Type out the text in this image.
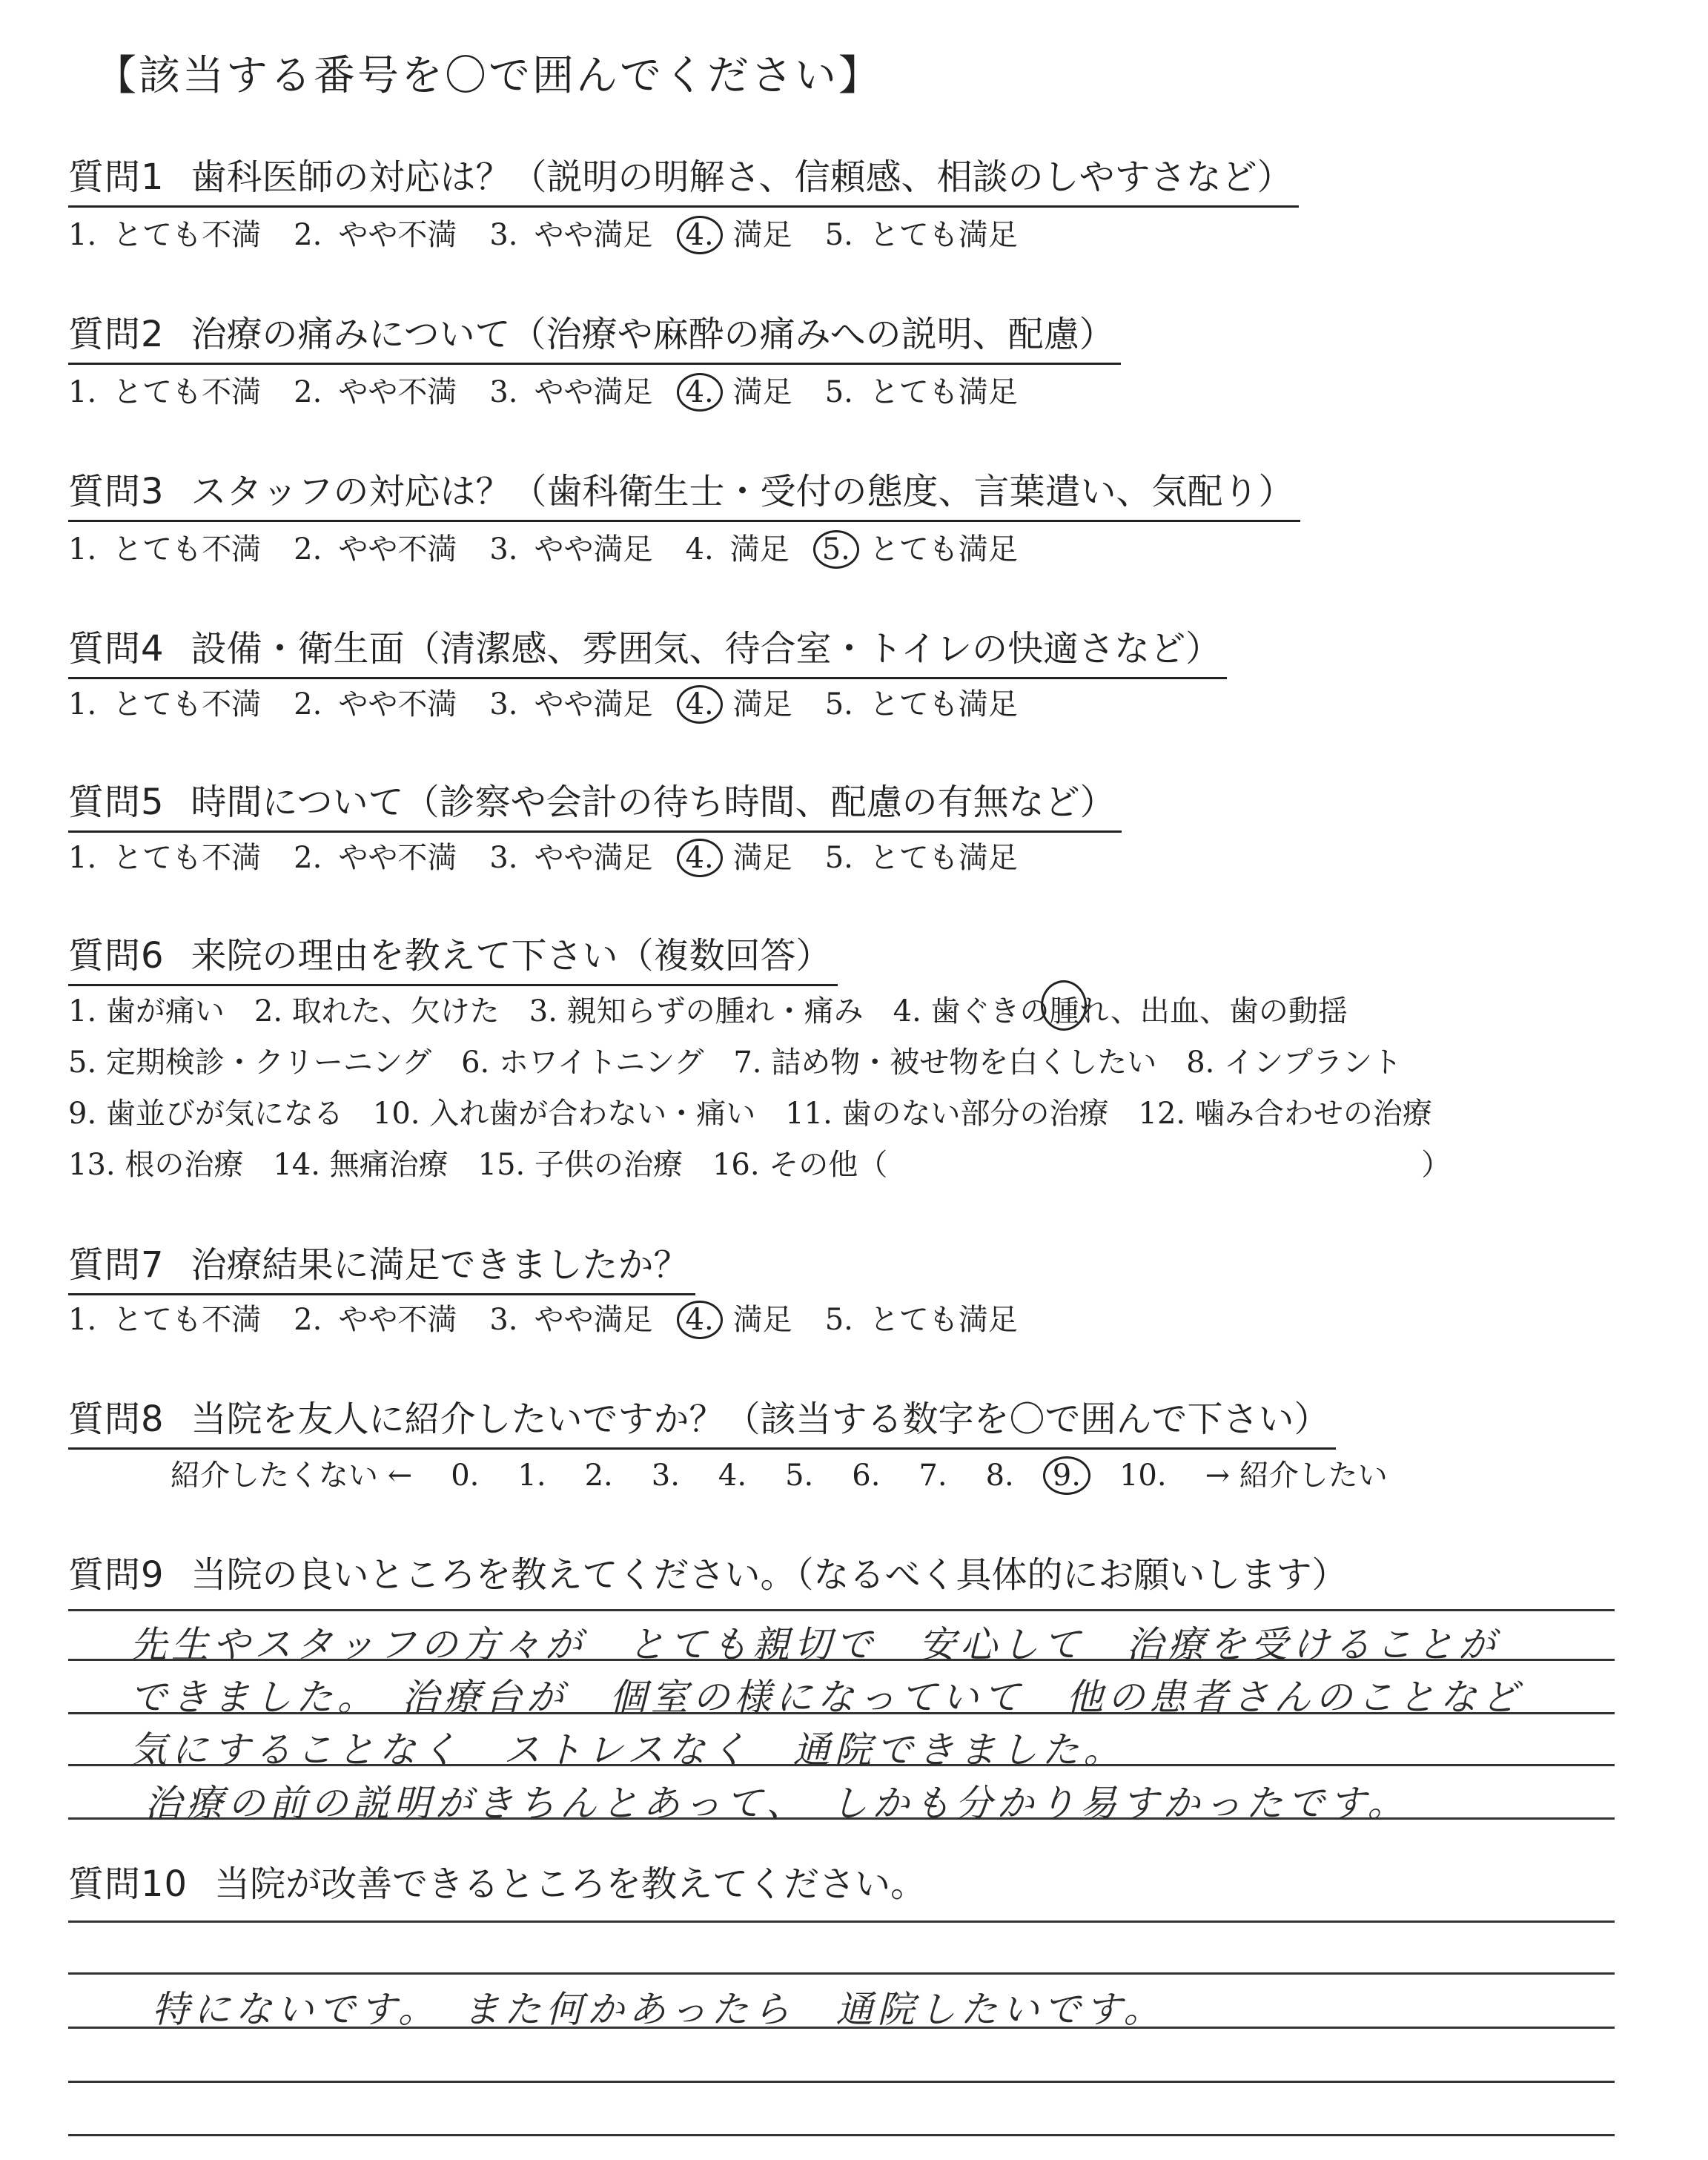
【該当する番号を〇で囲んでください】
質問1 歯科医師の対応は？（説明の明解さ、信頼感、相談のしやすさなど）
1. とても不満 2. やや不満 3. やや満足 4. 満足 5. とても満足
質問2 治療の痛みについて（治療や麻酔の痛みへの説明、配慮）
1. とても不満 2. やや不満 3. やや満足 4. 満足 5. とても満足
質問3 スタッフの対応は？（歯科衛生士・受付の態度、言葉遣い、気配り）
1. とても不満 2. やや不満 3. やや満足 4. 満足 5. とても満足
質問4 設備・衛生面（清潔感、雰囲気、待合室・トイレの快適さなど）
1. とても不満 2. やや不満 3. やや満足 4. 満足 5. とても満足
質問5 時間について（診察や会計の待ち時間、配慮の有無など）
1. とても不満 2. やや不満 3. やや満足 4. 満足 5. とても満足
質問6 来院の理由を教えて下さい（複数回答）
1. 歯が痛い　2. 取れた、欠けた　3. 親知らずの腫れ・痛み　4. 歯ぐきの腫れ、出血、歯の動揺
5. 定期検診・クリーニング　6. ホワイトニング　7. 詰め物・被せ物を白くしたい　8. インプラント
9. 歯並びが気になる　10. 入れ歯が合わない・痛い　11. 歯のない部分の治療　12. 噛み合わせの治療
13. 根の治療　14. 無痛治療　15. 子供の治療　16. その他（　　　　　　　　　　　　　　　　　　）
質問7 治療結果に満足できましたか？
1. とても不満 2. やや不満 3. やや満足 4. 満足 5. とても満足
質問8 当院を友人に紹介したいですか？（該当する数字を〇で囲んで下さい）
紹介したくない ← 0. 1. 2. 3. 4. 5. 6. 7. 8. 9. 10. → 紹介したい
質問9 当院の良いところを教えてください。（なるべく具体的にお願いします）
先生やスタッフの方々が　とても親切で　安心して　治療を受けることが
できました。　治療台が　個室の様になっていて　他の患者さんのことなど
気にすることなく　ストレスなく　通院できました。
治療の前の説明がきちんとあって、　しかも分かり易すかったです。
質問10 当院が改善できるところを教えてください。
特にないです。　また何かあったら　通院したいです。
